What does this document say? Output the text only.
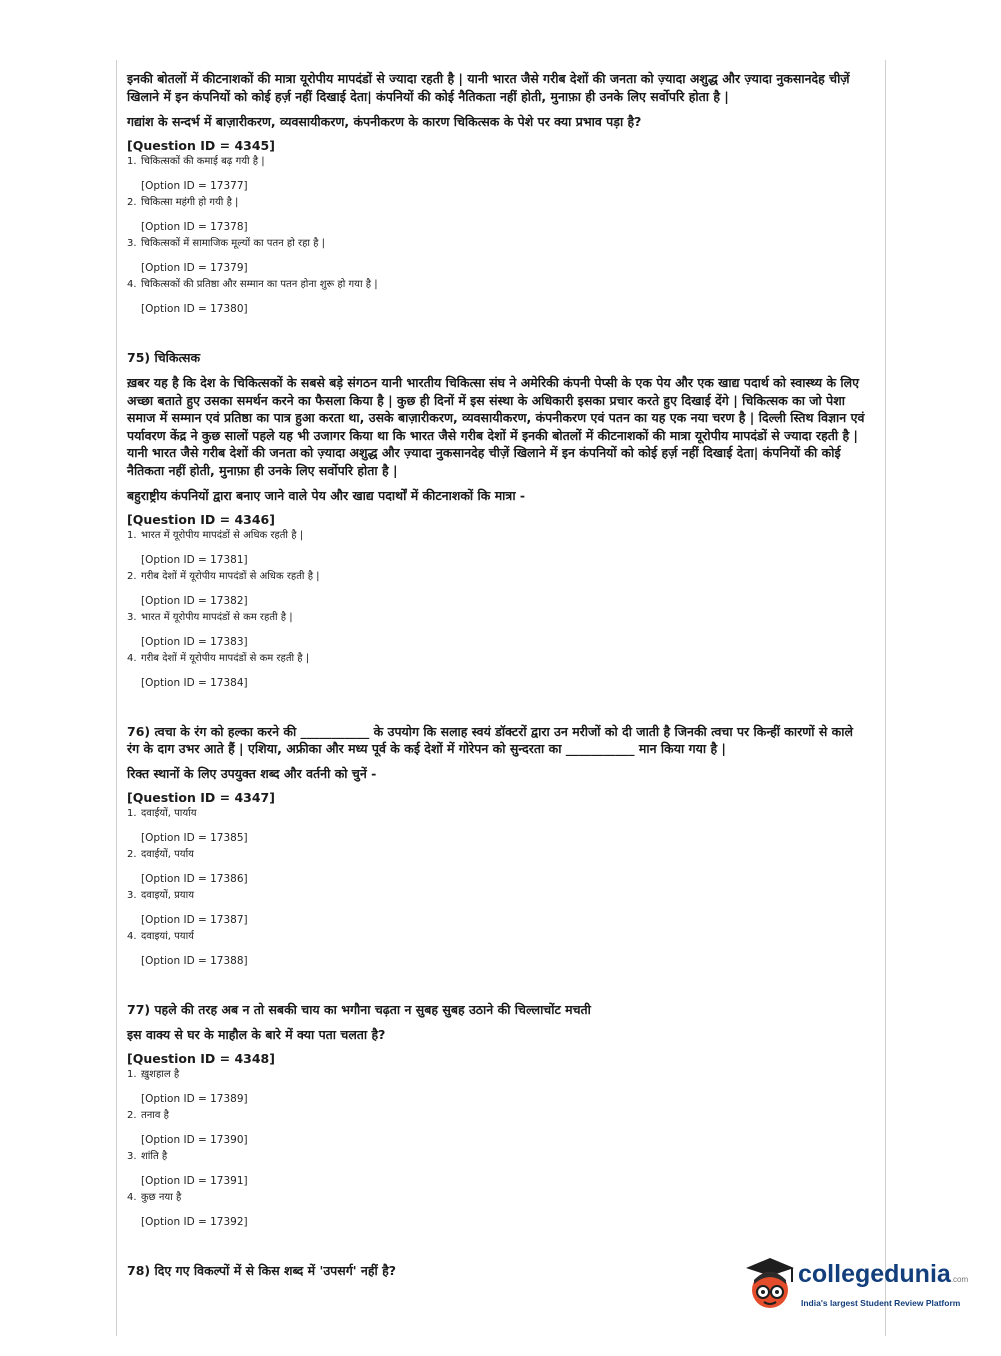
इनकी बोतलों में कीटनाशकों की मात्रा यूरोपीय मापदंडों से ज्यादा रहती है | यानी भारत जैसे गरीब देशों की जनता को ज़्यादा अशुद्ध और ज़्यादा नुकसानदेह चीज़ें खिलाने में इन कंपनियों को कोई हर्ज़ नहीं दिखाई देता| कंपनियों की कोई नैतिकता नहीं होती, मुनाफ़ा ही उनके लिए सर्वोपरि होता है |

गद्यांश के सन्दर्भ में बाज़ारीकरण, व्यवसायीकरण, कंपनीकरण के कारण चिकित्सक के पेशे पर क्या प्रभाव पड़ा है?

[Question ID = 4345]

1. चिकित्सकों की कमाई बढ़ गयी है |

[Option ID = 17377]

2. चिकित्सा महंगी हो गयी है |

[Option ID = 17378]

3. चिकित्सकों में सामाजिक मूल्यों का पतन हो रहा है |

[Option ID = 17379]

4. चिकित्सकों की प्रतिष्ठा और सम्मान का पतन होना शुरू हो गया है |

[Option ID = 17380]

75) चिकित्सक

ख़बर यह है कि देश के चिकित्सकों के सबसे बड़े संगठन यानी भारतीय चिकित्सा संघ ने अमेरिकी कंपनी पेप्सी के एक पेय और एक खाद्य पदार्थ को स्वास्थ्य के लिए अच्छा बताते हुए उसका समर्थन करने का फैसला किया है | कुछ ही दिनों में इस संस्था के अधिकारी इसका प्रचार करते हुए दिखाई देंगे | चिकित्सक का जो पेशा समाज में सम्मान एवं प्रतिष्ठा का पात्र हुआ करता था, उसके बाज़ारीकरण, व्यवसायीकरण, कंपनीकरण एवं पतन का यह एक नया चरण है | दिल्ली स्तिथ विज्ञान एवं पर्यावरण केंद्र ने कुछ सालों पहले यह भी उजागर किया था कि भारत जैसे गरीब देशों में इनकी बोतलों में कीटनाशकों की मात्रा यूरोपीय मापदंडों से ज्यादा रहती है | यानी भारत जैसे गरीब देशों की जनता को ज़्यादा अशुद्ध और ज़्यादा नुकसानदेह चीज़ें खिलाने में इन कंपनियों को कोई हर्ज़ नहीं दिखाई देता| कंपनियों की कोई नैतिकता नहीं होती, मुनाफ़ा ही उनके लिए सर्वोपरि होता है |

बहुराष्ट्रीय कंपनियों द्वारा बनाए जाने वाले पेय और खाद्य पदार्थों में कीटनाशकों कि मात्रा -

[Question ID = 4346]

1. भारत में यूरोपीय मापदंडों से अधिक रहती है |

[Option ID = 17381]

2. गरीब देशों में यूरोपीय मापदंडों से अधिक रहती है |

[Option ID = 17382]

3. भारत में यूरोपीय मापदंडों से कम रहती है |

[Option ID = 17383]

4. गरीब देशों में यूरोपीय मापदंडों से कम रहती है |

[Option ID = 17384]

76) त्वचा के रंग को हल्का करने की ___________ के उपयोग कि सलाह स्वयं डॉक्टरों द्वारा उन मरीजों को दी जाती है जिनकी त्वचा पर किन्हीं कारणों से काले रंग के दाग उभर आते हैं | एशिया, अफ्रीका और मध्य पूर्व के कई देशों में गोरेपन को सुन्दरता का ___________ मान किया गया है |

रिक्त स्थानों के लिए उपयुक्त शब्द और वर्तनी को चुनें -

[Question ID = 4347]

1. दवाईयों, पार्याय

[Option ID = 17385]

2. दवाईयों, पर्याय

[Option ID = 17386]

3. दवाइयों, प्रयाय

[Option ID = 17387]

4. दवाइयां, पयार्य

[Option ID = 17388]

77) पहले की तरह अब न तो सबकी चाय का भगौना चढ़ता न सुबह सुबह उठाने की चिल्लाचोंट मचती

इस वाक्य से घर के माहौल के बारे में क्या पता चलता है?

[Question ID = 4348]

1. ख़ुशहाल है

[Option ID = 17389]

2. तनाव है

[Option ID = 17390]

3. शांति है

[Option ID = 17391]

4. कुछ नया है

[Option ID = 17392]

78) दिए गए विकल्पों में से किस शब्द में 'उपसर्ग' नहीं है?	collegedunia.com
India's largest Student Review Platform
